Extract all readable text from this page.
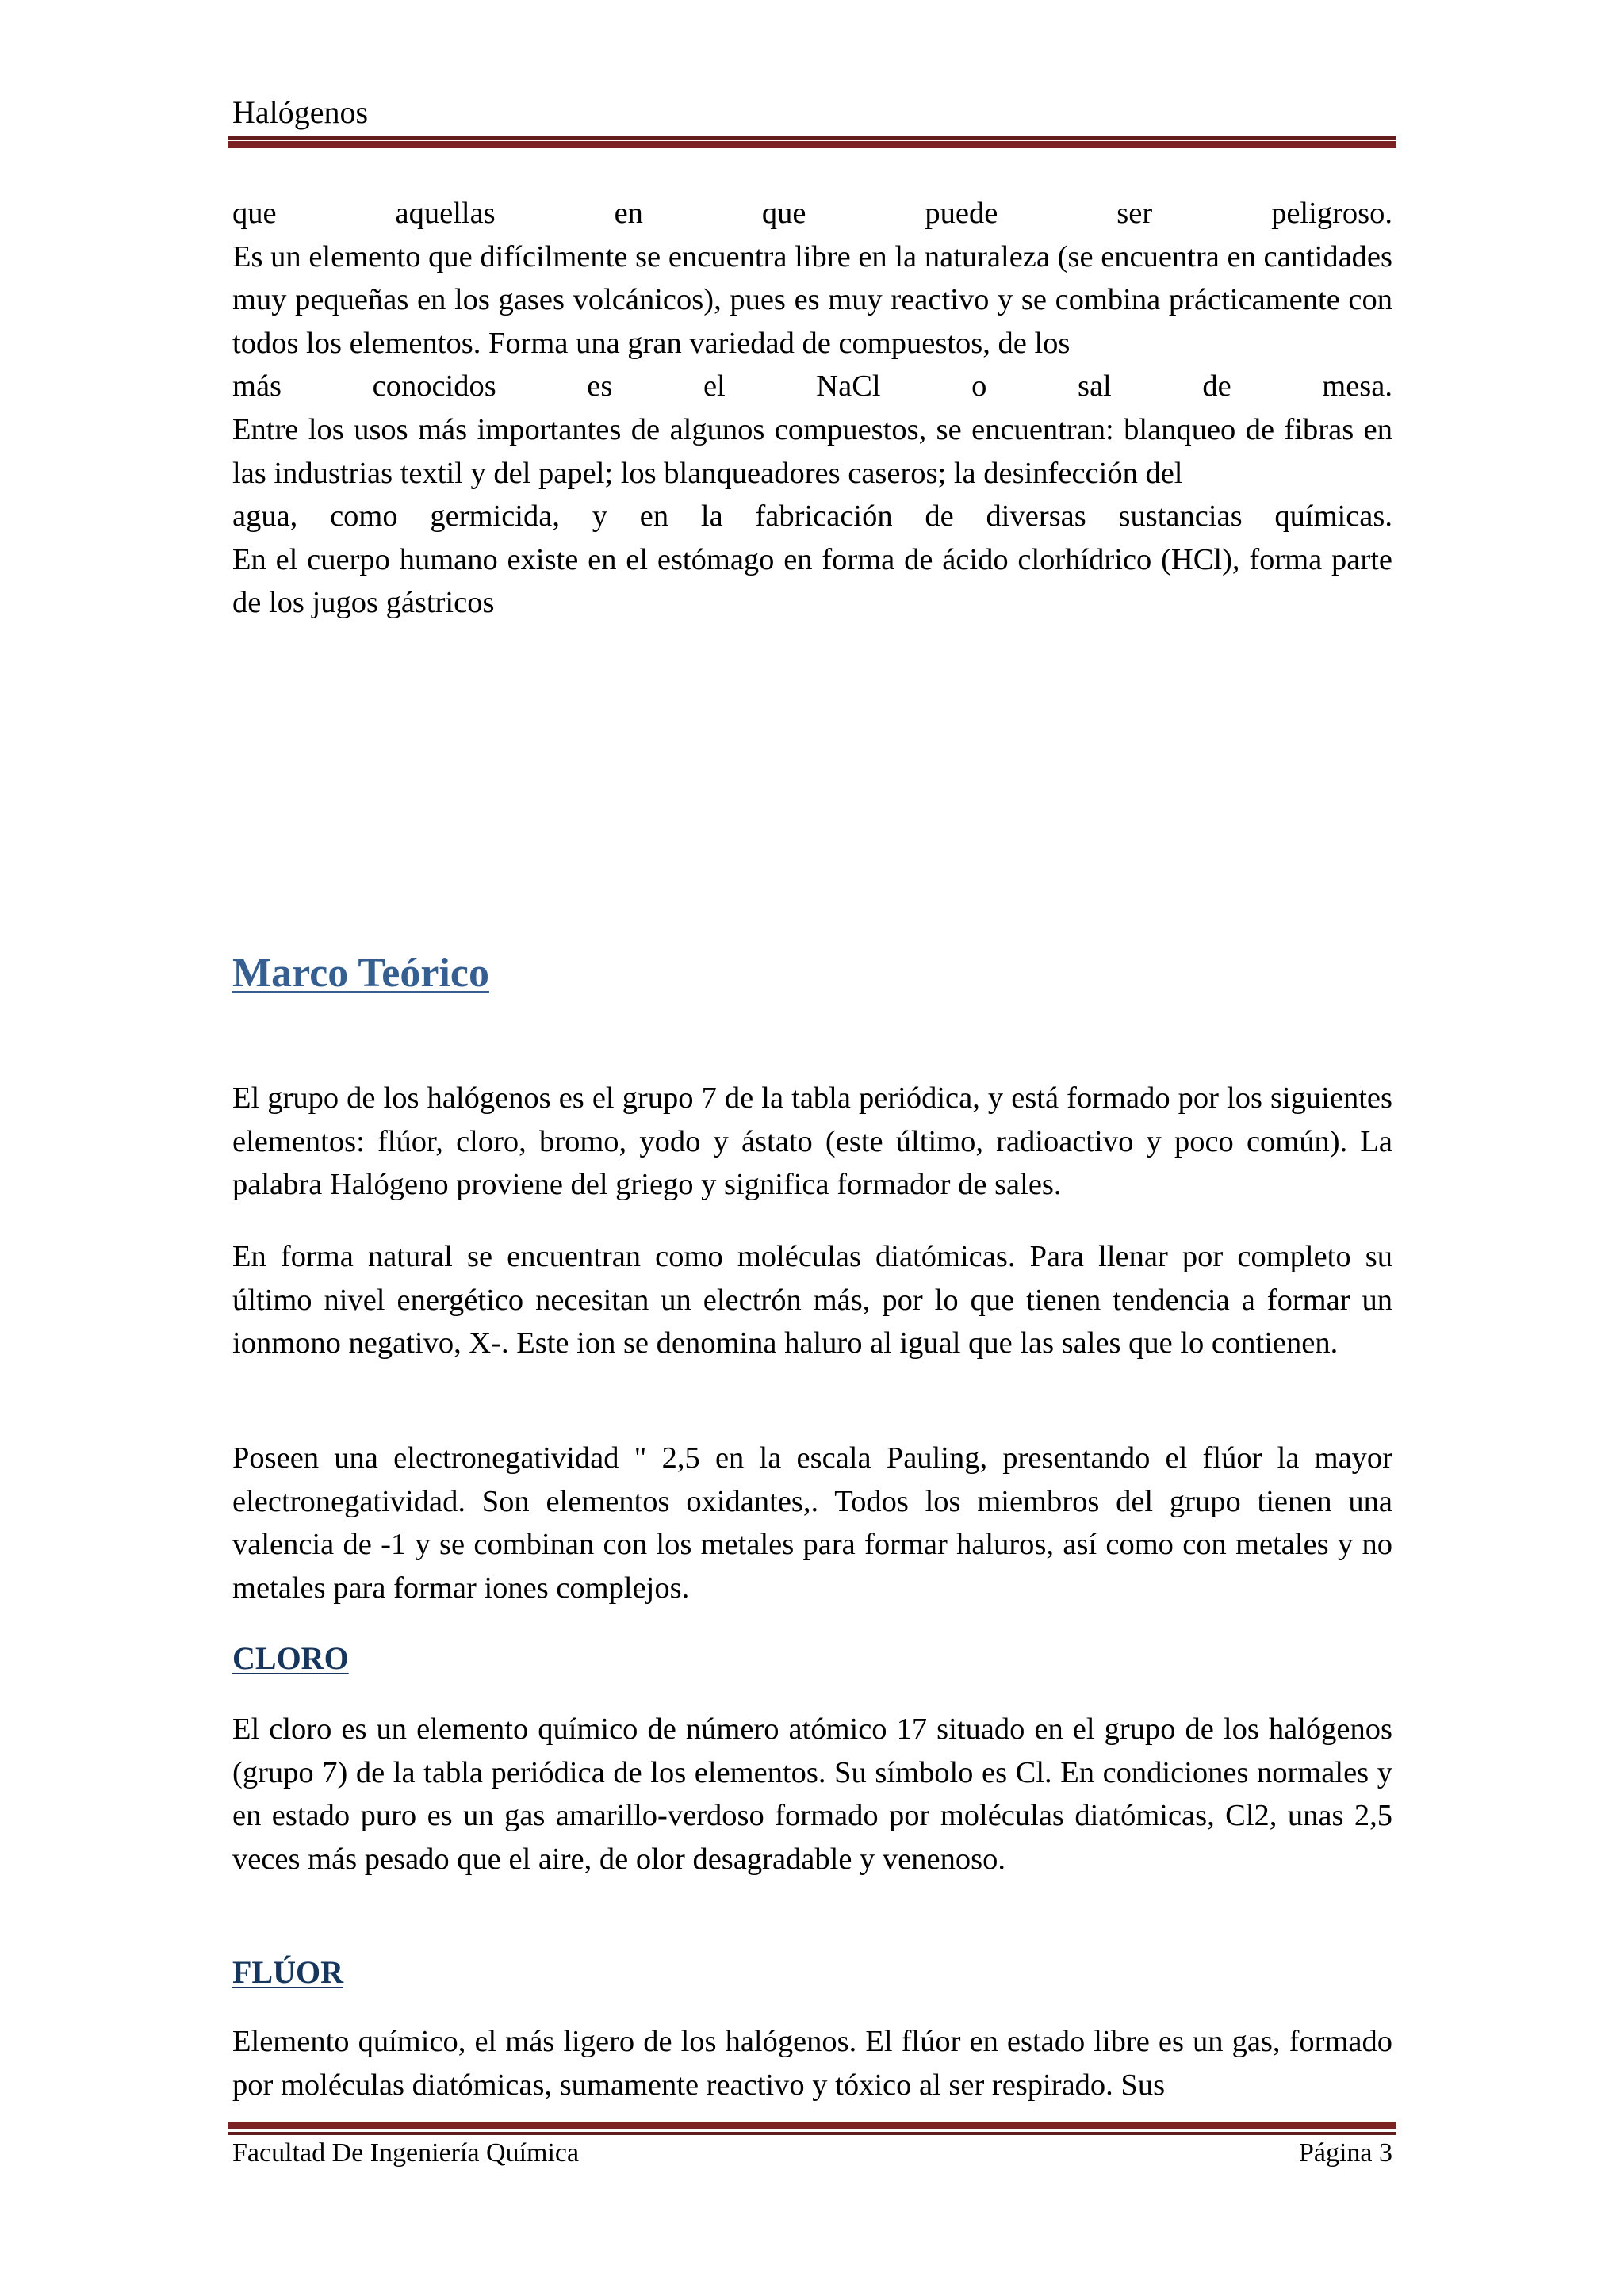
Halógenos

que aquellas en que puede ser peligroso.

Es un elemento que difícilmente se encuentra libre en la naturaleza (se encuentra en cantidades muy pequeñas en los gases volcánicos), pues es muy reactivo y se combina prácticamente con todos los elementos. Forma una gran variedad de compuestos, de los

más conocidos es el NaCl o sal de mesa.

Entre los usos más importantes de algunos compuestos, se encuentran: blanqueo de fibras en las industrias textil y del papel; los blanqueadores caseros; la desinfección del

agua, como germicida, y en la fabricación de diversas sustancias químicas.

En el cuerpo humano existe en el estómago en forma de ácido clorhídrico (HCl), forma parte de los jugos gástricos

Marco Teórico
El grupo de los halógenos es el grupo 7 de la tabla periódica, y está formado por los siguientes elementos: flúor, cloro, bromo, yodo y ástato (este último, radioactivo y poco común). La palabra Halógeno proviene del griego y significa formador de sales.
En forma natural se encuentran como moléculas diatómicas. Para llenar por completo su último nivel energético necesitan un electrón más, por lo que tienen tendencia a formar un ionmono negativo, X-. Este ion se denomina haluro al igual que las sales que lo contienen.
Poseen una electronegatividad " 2,5 en la escala Pauling, presentando el flúor la mayor electronegatividad. Son elementos oxidantes,. Todos los miembros del grupo tienen una valencia de -1 y se combinan con los metales para formar haluros, así como con metales y no metales para formar iones complejos.
CLORO
El cloro es un elemento químico de número atómico 17 situado en el grupo de los halógenos (grupo 7) de la tabla periódica de los elementos. Su símbolo es Cl. En condiciones normales y en estado puro es un gas amarillo-verdoso formado por moléculas diatómicas, Cl2, unas 2,5 veces más pesado que el aire, de olor desagradable y venenoso.
FLÚOR
Elemento químico, el más ligero de los halógenos. El flúor en estado libre es un gas, formado por moléculas diatómicas, sumamente reactivo y tóxico al ser respirado. Sus
Facultad De Ingeniería Química	Página 3
